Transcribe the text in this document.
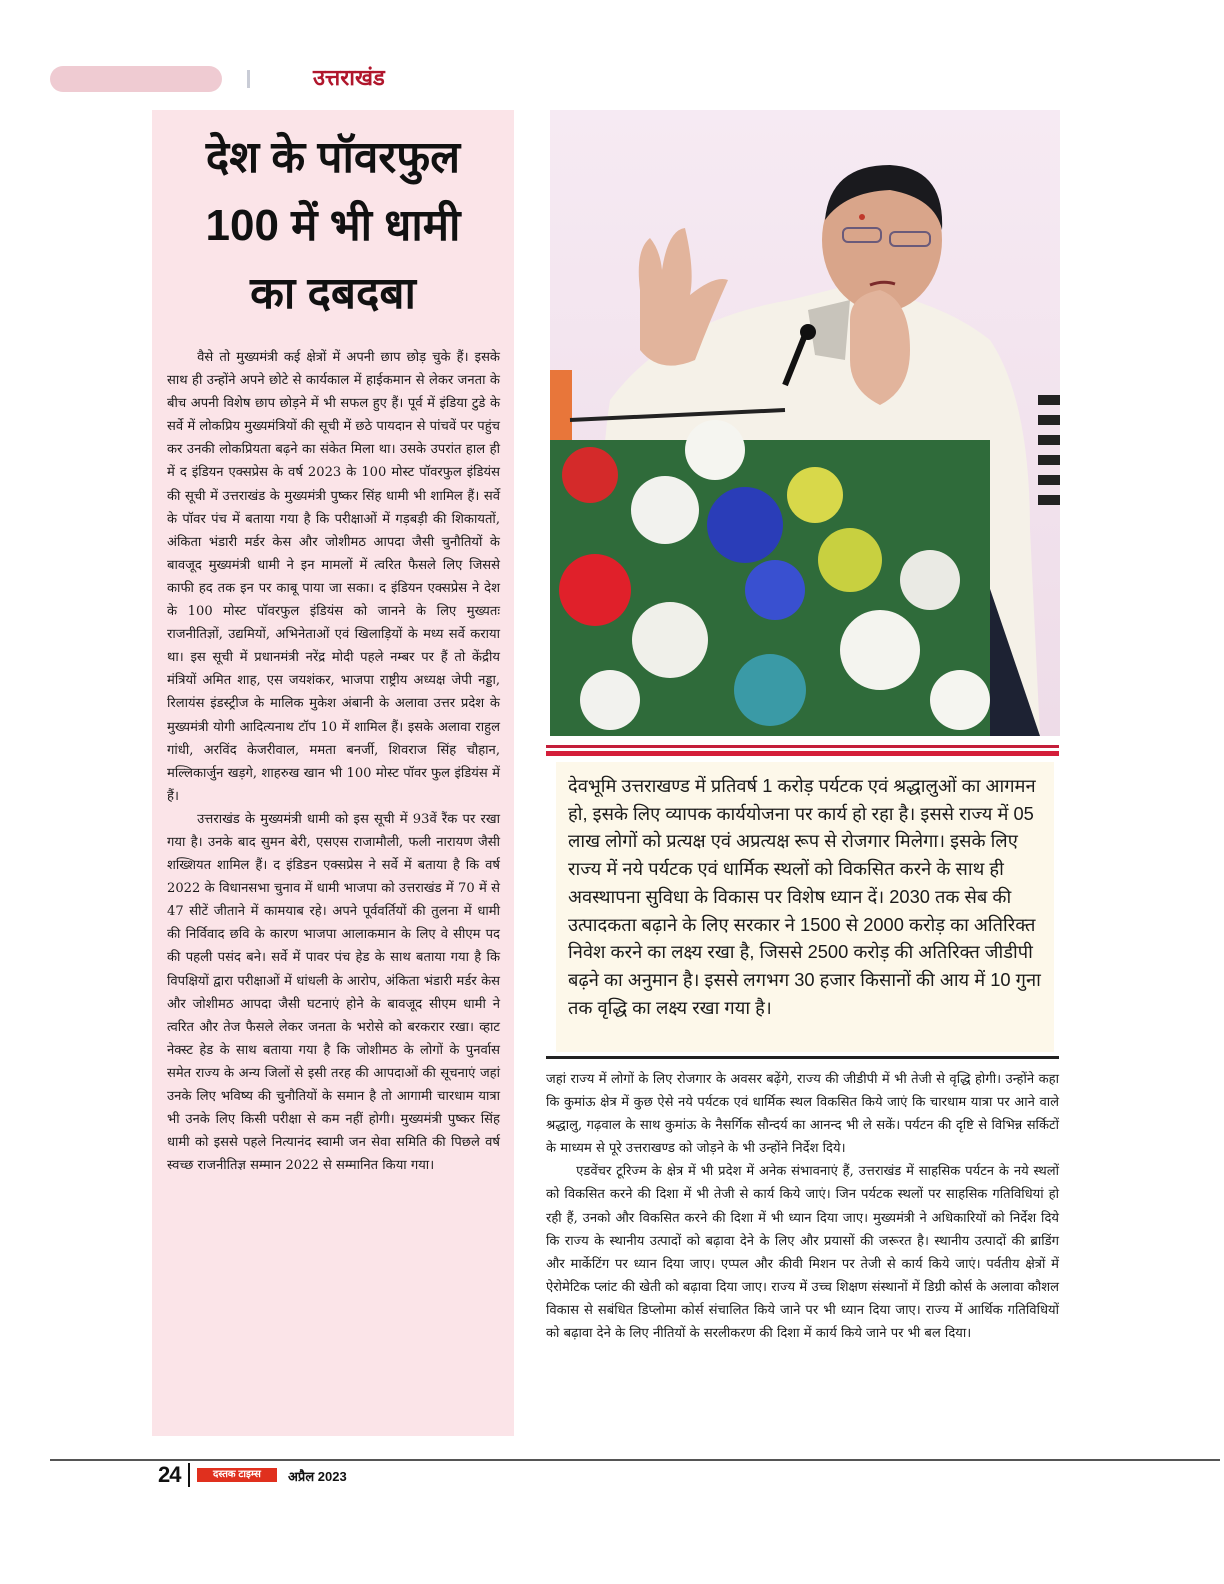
उत्तराखंड
देश के पॉवरफुल
100 में भी धामी
का दबदबा

वैसे तो मुख्यमंत्री कई क्षेत्रों में अपनी छाप छोड़ चुके हैं। इसके साथ ही उन्होंने अपने छोटे से कार्यकाल में हाईकमान से लेकर जनता के बीच अपनी विशेष छाप छोड़ने में भी सफल हुए हैं। पूर्व में इंडिया टुडे के सर्वे में लोकप्रिय मुख्यमंत्रियों की सूची में छठे पायदान से पांचवें पर पहुंच कर उनकी लोकप्रियता बढ़ने का संकेत मिला था। उसके उपरांत हाल ही में द इंडियन एक्सप्रेस के वर्ष 2023 के 100 मोस्ट पॉवरफुल इंडियंस की सूची में उत्तराखंड के मुख्यमंत्री पुष्कर सिंह धामी भी शामिल हैं। सर्वे के पॉवर पंच में बताया गया है कि परीक्षाओं में गड़बड़ी की शिकायतों, अंकिता भंडारी मर्डर केस और जोशीमठ आपदा जैसी चुनौतियों के बावजूद मुख्यमंत्री धामी ने इन मामलों में त्वरित फैसले लिए जिससे काफी हद तक इन पर काबू पाया जा सका। द इंडियन एक्सप्रेस ने देश के 100 मोस्ट पॉवरफुल इंडियंस को जानने के लिए मुख्यतः राजनीतिज्ञों, उद्यमियों, अभिनेताओं एवं खिलाड़ियों के मध्य सर्वे कराया था। इस सूची में प्रधानमंत्री नरेंद्र मोदी पहले नम्बर पर हैं तो केंद्रीय मंत्रियों अमित शाह, एस जयशंकर, भाजपा राष्ट्रीय अध्यक्ष जेपी नड्डा, रिलायंस इंडस्ट्रीज के मालिक मुकेश अंबानी के अलावा उत्तर प्रदेश के मुख्यमंत्री योगी आदित्यनाथ टॉप 10 में शामिल हैं। इसके अलावा राहुल गांधी, अरविंद केजरीवाल, ममता बनर्जी, शिवराज सिंह चौहान, मल्लिकार्जुन खड़गे, शाहरुख खान भी 100 मोस्ट पॉवर फुल इंडियंस में हैं।

उत्तराखंड के मुख्यमंत्री धामी को इस सूची में 93वें रैंक पर रखा गया है। उनके बाद सुमन बेरी, एसएस राजामौली, फली नारायण जैसी शख्शियत शामिल हैं। द इंडिडन एक्सप्रेस ने सर्वे में बताया है कि वर्ष 2022 के विधानसभा चुनाव में धामी भाजपा को उत्तराखंड में 70 में से 47 सीटें जीताने में कामयाब रहे। अपने पूर्ववर्तियों की तुलना में धामी की निर्विवाद छवि के कारण भाजपा आलाकमान के लिए वे सीएम पद की पहली पसंद बने। सर्वे में पावर पंच हेड के साथ बताया गया है कि विपक्षियों द्वारा परीक्षाओं में धांधली के आरोप, अंकिता भंडारी मर्डर केस और जोशीमठ आपदा जैसी घटनाएं होने के बावजूद सीएम धामी ने त्वरित और तेज फैसले लेकर जनता के भरोसे को बरकरार रखा। व्हाट नेक्स्ट हेड के साथ बताया गया है कि जोशीमठ के लोगों के पुनर्वास समेत राज्य के अन्य जिलों से इसी तरह की आपदाओं की सूचनाएं जहां उनके लिए भविष्य की चुनौतियों के समान है तो आगामी चारधाम यात्रा भी उनके लिए किसी परीक्षा से कम नहीं होगी। मुख्यमंत्री पुष्कर सिंह धामी को इससे पहले नित्यानंद स्वामी जन सेवा समिति की पिछले वर्ष स्वच्छ राजनीतिज्ञ सम्मान 2022 से सम्मानित किया गया।

देवभूमि उत्तराखण्ड में प्रतिवर्ष 1 करोड़ पर्यटक एवं श्रद्धालुओं का आगमन हो, इसके लिए व्यापक कार्ययोजना पर कार्य हो रहा है। इससे राज्य में 05 लाख लोगों को प्रत्यक्ष एवं अप्रत्यक्ष रूप से रोजगार मिलेगा। इसके लिए राज्य में नये पर्यटक एवं धार्मिक स्थलों को विकसित करने के साथ ही अवस्थापना सुविधा के विकास पर विशेष ध्यान दें। 2030 तक सेब की उत्पादकता बढ़ाने के लिए सरकार ने 1500 से 2000 करोड़ का अतिरिक्त निवेश करने का लक्ष्य रखा है, जिससे 2500 करोड़ की अतिरिक्त जीडीपी बढ़ने का अनुमान है। इससे लगभग 30 हजार किसानों की आय में 10 गुना तक वृद्धि का लक्ष्य रखा गया है।

जहां राज्य में लोगों के लिए रोजगार के अवसर बढ़ेंगे, राज्य की जीडीपी में भी तेजी से वृद्धि होगी। उन्होंने कहा कि कुमांऊ क्षेत्र में कुछ ऐसे नये पर्यटक एवं धार्मिक स्थल विकसित किये जाएं कि चारधाम यात्रा पर आने वाले श्रद्धालु, गढ़वाल के साथ कुमांऊ के नैसर्गिक सौन्दर्य का आनन्द भी ले सकें। पर्यटन की दृष्टि से विभिन्न सर्किटों के माध्यम से पूरे उत्तराखण्ड को जोड़ने के भी उन्होंने निर्देश दिये।

एडवेंचर टूरिज्म के क्षेत्र में भी प्रदेश में अनेक संभावनाएं हैं, उत्तराखंड में साहसिक पर्यटन के नये स्थलों को विकसित करने की दिशा में भी तेजी से कार्य किये जाएं। जिन पर्यटक स्थलों पर साहसिक गतिविधियां हो रही हैं, उनको और विकसित करने की दिशा में भी ध्यान दिया जाए। मुख्यमंत्री ने अधिकारियों को निर्देश दिये कि राज्य के स्थानीय उत्पादों को बढ़ावा देने के लिए और प्रयासों की जरूरत है। स्थानीय उत्पादों की ब्राडिंग और मार्केटिंग पर ध्यान दिया जाए। एप्पल और कीवी मिशन पर तेजी से कार्य किये जाएं। पर्वतीय क्षेत्रों में ऐरोमेटिक प्लांट की खेती को बढ़ावा दिया जाए। राज्य में उच्च शिक्षण संस्थानों में डिग्री कोर्स के अलावा कौशल विकास से सबंधित डिप्लोमा कोर्स संचालित किये जाने पर भी ध्यान दिया जाए। राज्य में आर्थिक गतिविधियों को बढ़ावा देने के लिए नीतियों के सरलीकरण की दिशा में कार्य किये जाने पर भी बल दिया।

24	दस्तक टाइम्स	अप्रैल 2023
